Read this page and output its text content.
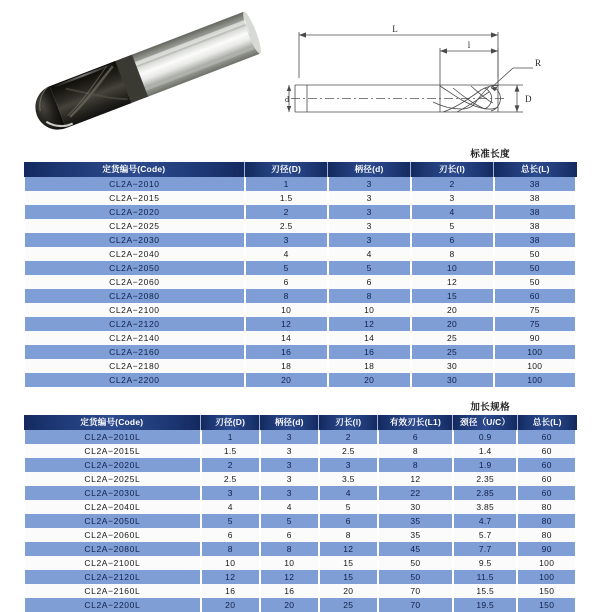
L
l
R
D
d
标准长度
定货编号(Code)	刃径(D)	柄径(d)	刃长(l)	总长(L)
CL2A−2010	1	3	2	38
CL2A−2015	1.5	3	3	38
CL2A−2020	2	3	4	38
CL2A−2025	2.5	3	5	38
CL2A−2030	3	3	6	38
CL2A−2040	4	4	8	50
CL2A−2050	5	5	10	50
CL2A−2060	6	6	12	50
CL2A−2080	8	8	15	60
CL2A−2100	10	10	20	75
CL2A−2120	12	12	20	75
CL2A−2140	14	14	25	90
CL2A−2160	16	16	25	100
CL2A−2180	18	18	30	100
CL2A−2200	20	20	30	100
加长规格
定货编号(Code)	刃径(D)	柄径(d)	刃长(l)	有效刃长(L1)	颈径（U/C）	总长(L)
CL2A−2010L	1	3	2	6	0.9	60
CL2A−2015L	1.5	3	2.5	8	1.4	60
CL2A−2020L	2	3	3	8	1.9	60
CL2A−2025L	2.5	3	3.5	12	2.35	60
CL2A−2030L	3	3	4	22	2.85	60
CL2A−2040L	4	4	5	30	3.85	80
CL2A−2050L	5	5	6	35	4.7	80
CL2A−2060L	6	6	8	35	5.7	80
CL2A−2080L	8	8	12	45	7.7	90
CL2A−2100L	10	10	15	50	9.5	100
CL2A−2120L	12	12	15	50	11.5	100
CL2A−2160L	16	16	20	70	15.5	150
CL2A−2200L	20	20	25	70	19.5	150
